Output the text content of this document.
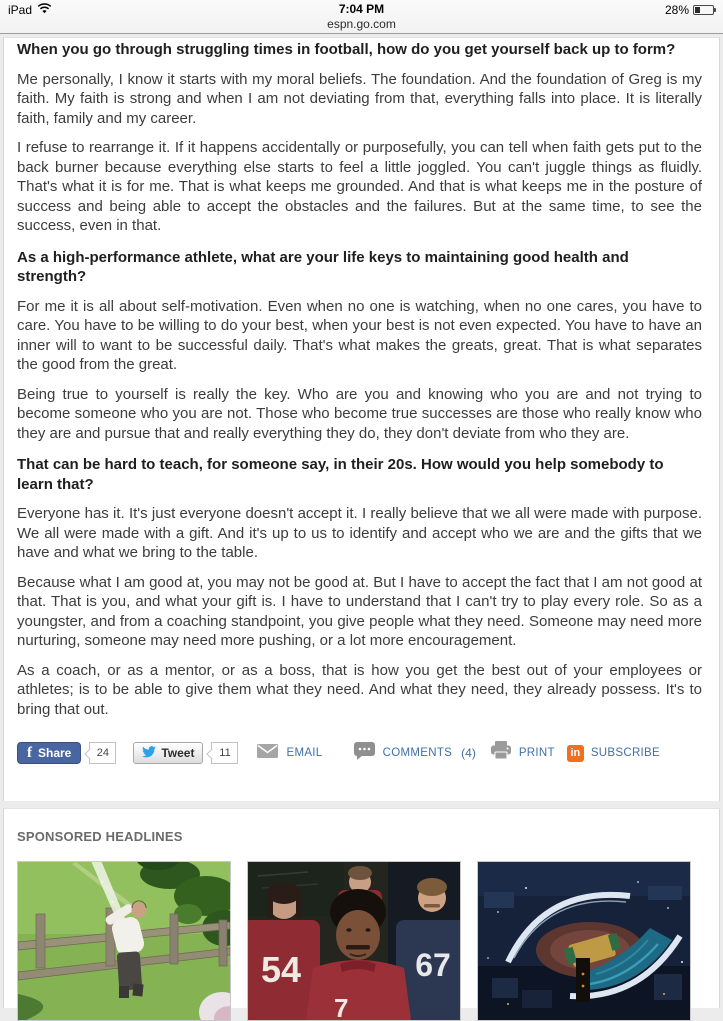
iPad	7:04 PM	28%
espn.go.com

When you go through struggling times in football, how do you get yourself back up to form?

Me personally, I know it starts with my moral beliefs. The foundation. And the foundation of Greg is my faith. My faith is strong and when I am not deviating from that, everything falls into place. It is literally faith, family and my career.

I refuse to rearrange it. If it happens accidentally or purposefully, you can tell when faith gets put to the back burner because everything else starts to feel a little joggled. You can't juggle things as fluidly. That's what it is for me. That is what keeps me grounded. And that is what keeps me in the posture of success and being able to accept the obstacles and the failures. But at the same time, to see the success, even in that.

As a high-performance athlete, what are your life keys to maintaining good health and strength?

For me it is all about self-motivation. Even when no one is watching, when no one cares, you have to care. You have to be willing to do your best, when your best is not even expected. You have to have an inner will to want to be successful daily. That's what makes the greats, great. That is what separates the good from the great.

Being true to yourself is really the key. Who are you and knowing who you are and not trying to become someone who you are not. Those who become true successes are those who really know who they are and pursue that and really everything they do, they don't deviate from who they are.

That can be hard to teach, for someone say, in their 20s. How would you help somebody to learn that?

Everyone has it. It's just everyone doesn't accept it. I really believe that we all were made with purpose. We all were made with a gift. And it's up to us to identify and accept who we are and the gifts that we have and what we bring to the table.

Because what I am good at, you may not be good at. But I have to accept the fact that I am not good at that. That is you, and what your gift is. I have to understand that I can't try to play every role. So as a youngster, and from a coaching standpoint, you give people what they need. Someone may need more nurturing, someone may need more pushing, or a lot more encouragement.

As a coach, or as a mentor, or as a boss, that is how you get the best out of your employees or athletes; is to be able to give them what they need. And what they need, they already possess. It's to bring that out.

f Share	24	Tweet	11	EMAIL	COMMENTS (4)	PRINT	in SUBSCRIBE
SPONSORED HEADLINES
54	67
7
